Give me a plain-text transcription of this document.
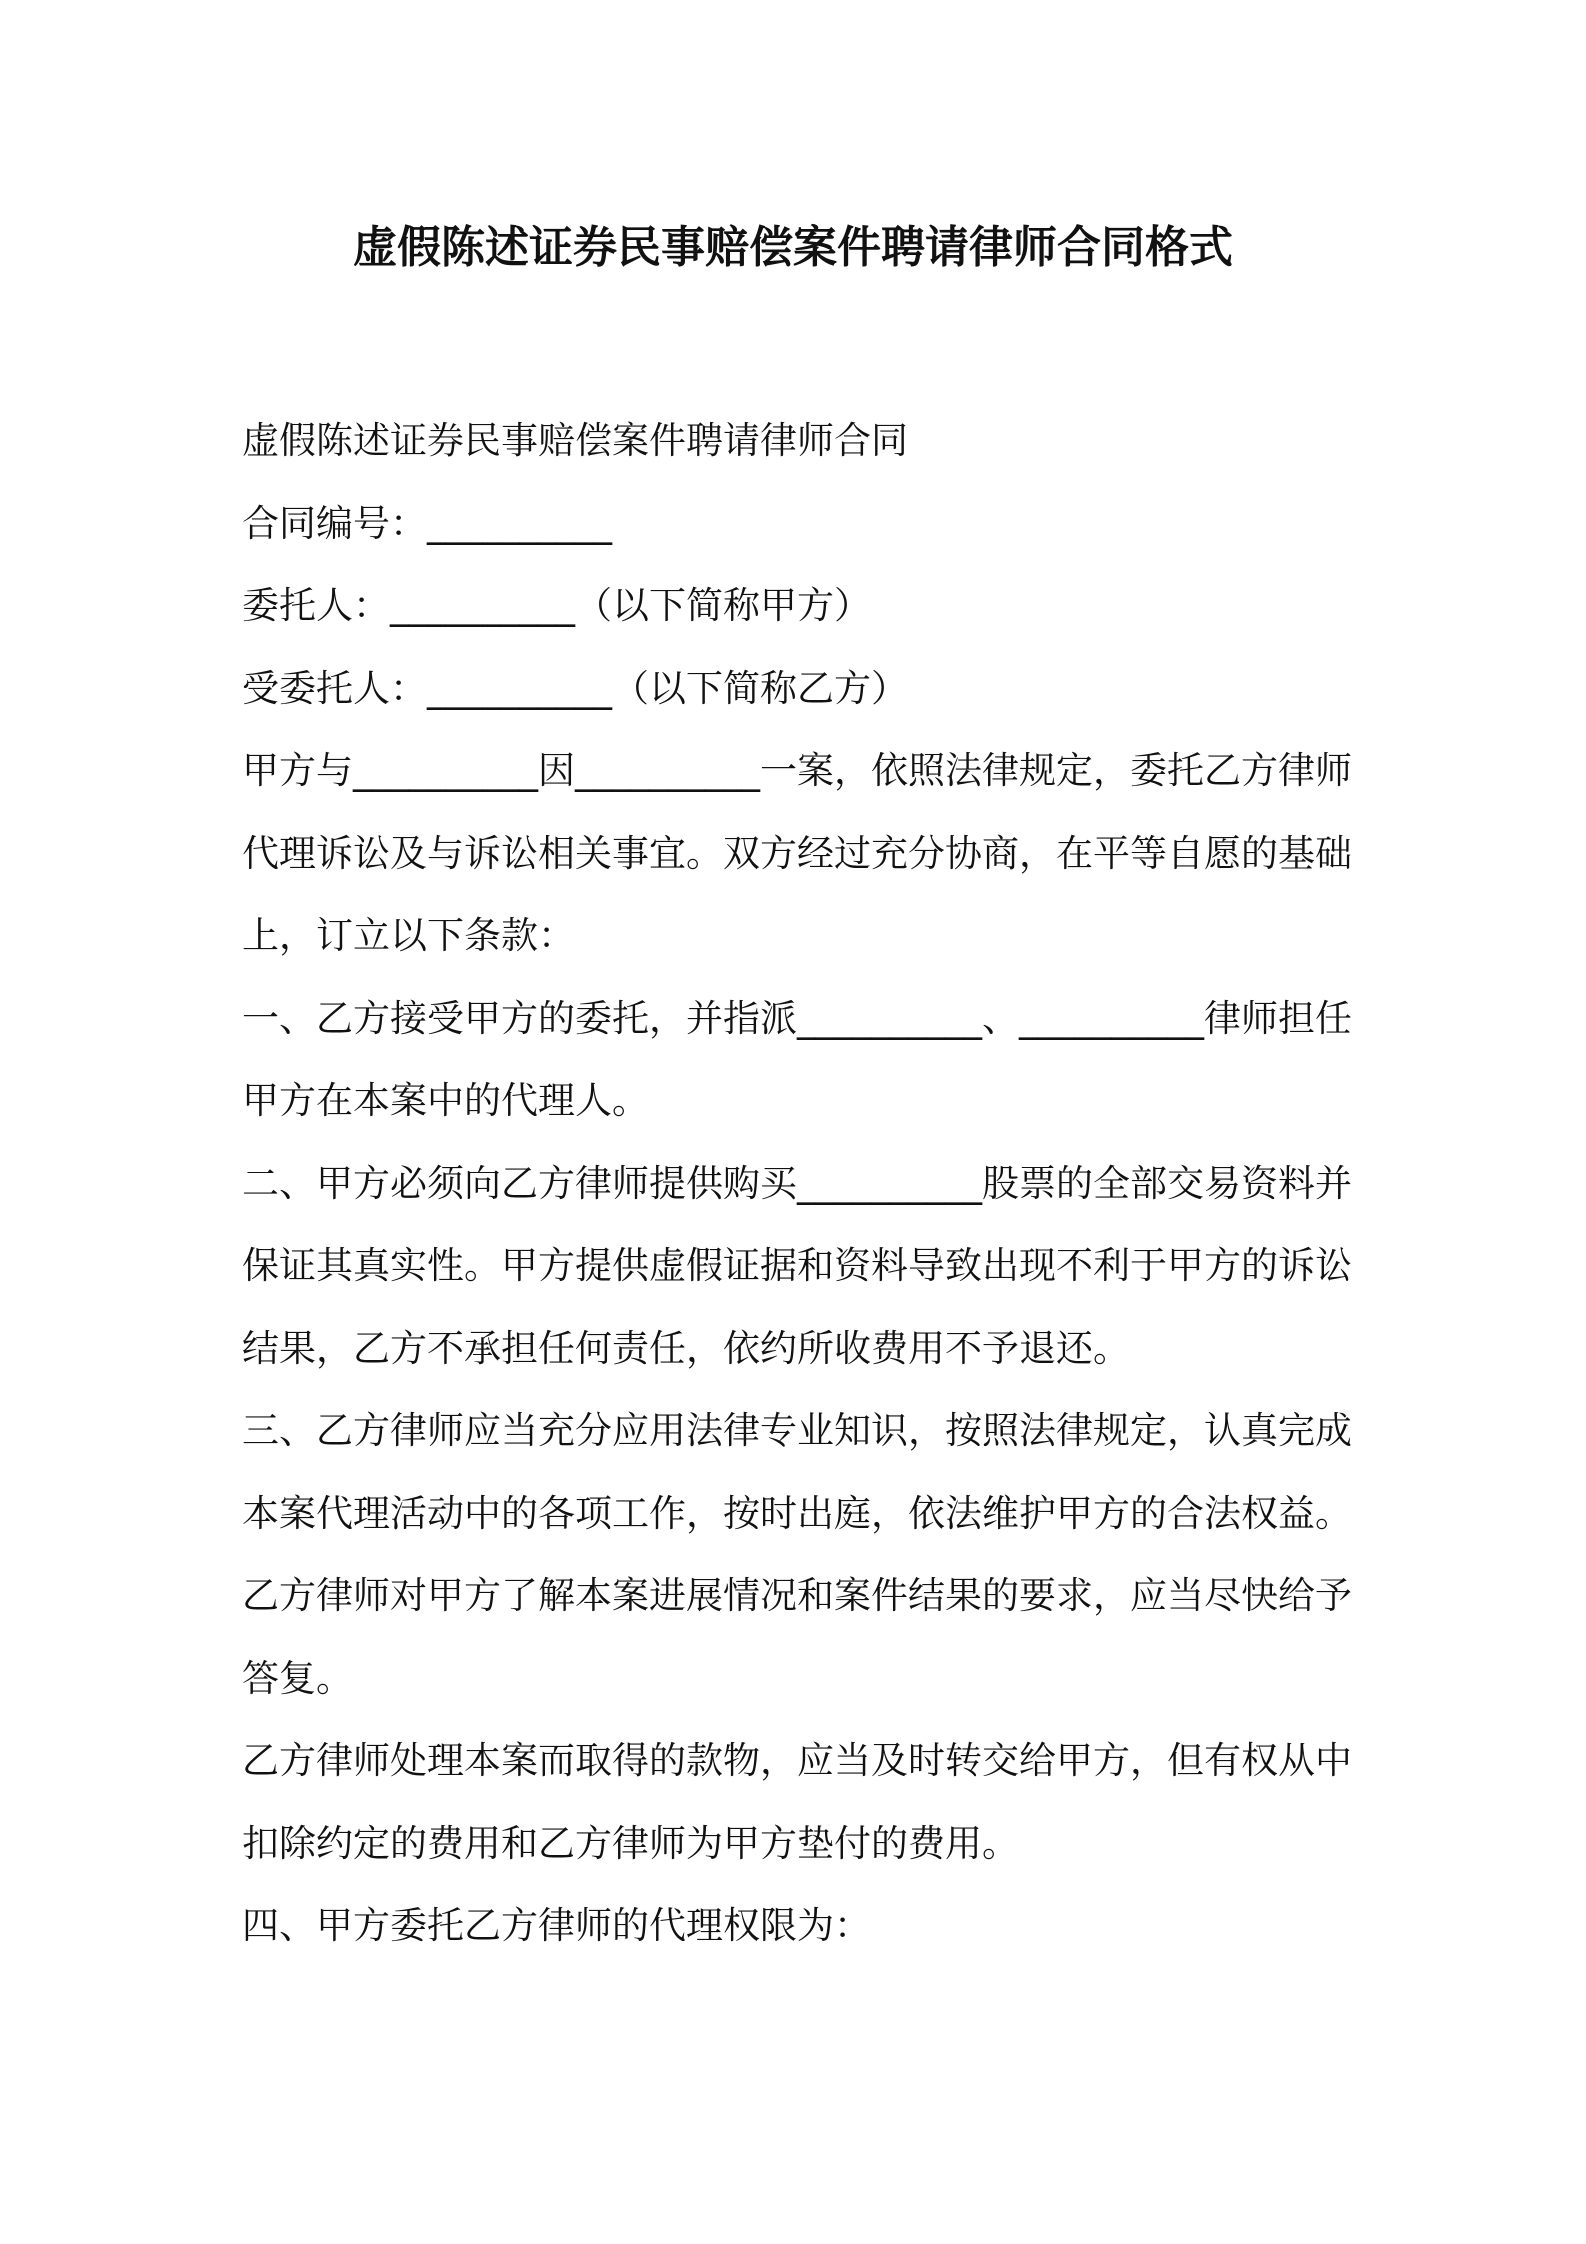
虚假陈述证券民事赔偿案件聘请律师合同格式
虚假陈述证券民事赔偿案件聘请律师合同
合同编号：__________
委托人：__________（以下简称甲方）
受委托人：__________（以下简称乙方）
甲方与__________因__________一案，依照法律规定，委托乙方律师
代理诉讼及与诉讼相关事宜。双方经过充分协商，在平等自愿的基础
上，订立以下条款：
一、乙方接受甲方的委托，并指派__________、__________律师担任
甲方在本案中的代理人。
二、甲方必须向乙方律师提供购买__________股票的全部交易资料并
保证其真实性。甲方提供虚假证据和资料导致出现不利于甲方的诉讼
结果，乙方不承担任何责任，依约所收费用不予退还。
三、乙方律师应当充分应用法律专业知识，按照法律规定，认真完成
本案代理活动中的各项工作，按时出庭，依法维护甲方的合法权益。
乙方律师对甲方了解本案进展情况和案件结果的要求，应当尽快给予
答复。
乙方律师处理本案而取得的款物，应当及时转交给甲方，但有权从中
扣除约定的费用和乙方律师为甲方垫付的费用。
四、甲方委托乙方律师的代理权限为：
